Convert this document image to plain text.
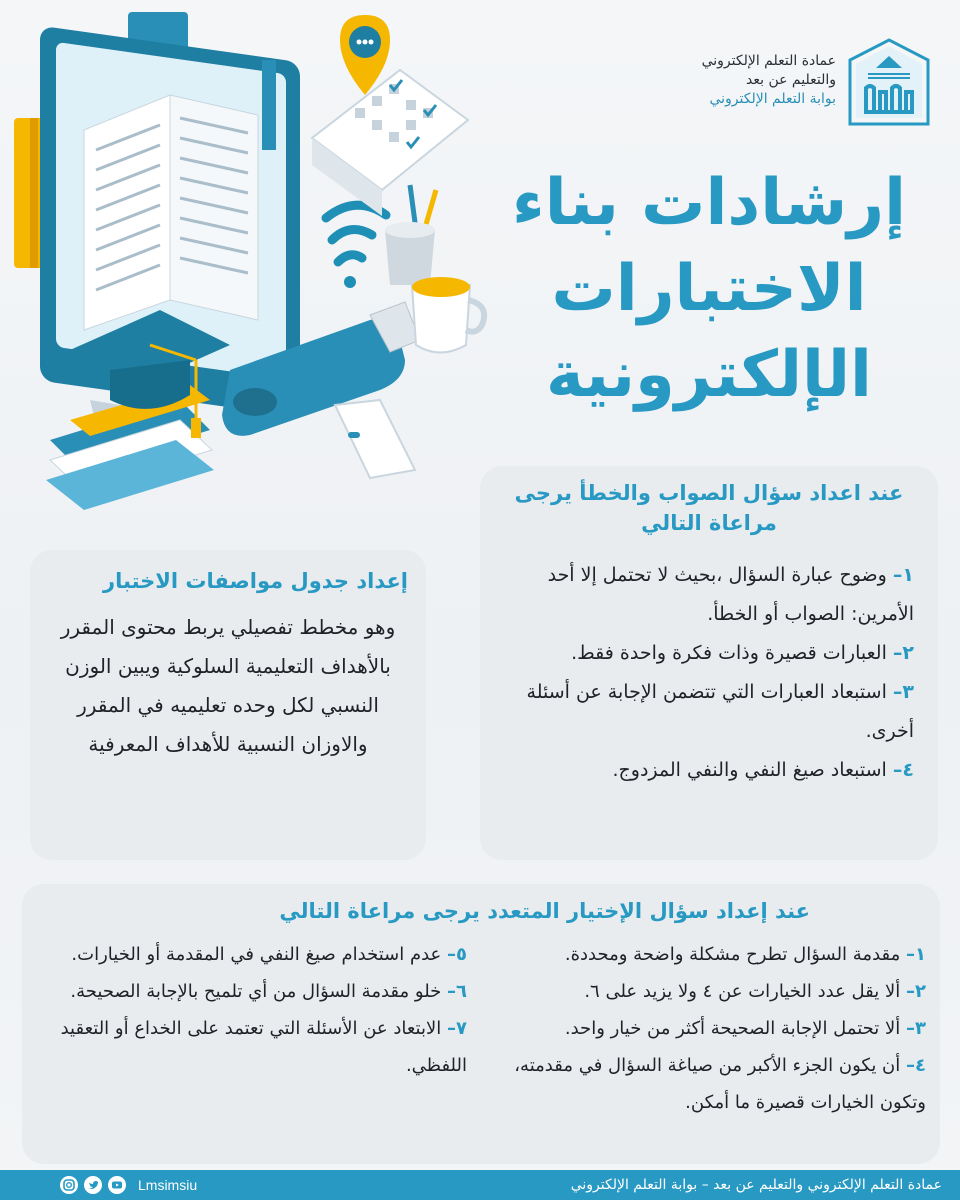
عمادة التعلم الإلكتروني
والتعليم عن بعد
بوابة التعلم الإلكتروني
إرشادات بناء
الاختبارات
الإلكترونية
عند اعداد سؤال الصواب والخطأ يرجى مراعاة التالي
١– وضوح عبارة السؤال ،بحيث لا تحتمل إلا أحد الأمرين: الصواب أو الخطأ.
٢– العبارات قصيرة وذات فكرة واحدة فقط.
٣– استبعاد العبارات التي تتضمن الإجابة عن أسئلة أخرى.
٤– استبعاد صيغ النفي والنفي المزدوج.
إعداد جدول مواصفات الاختبار
وهو مخطط تفصيلي يربط محتوى المقرر بالأهداف التعليمية السلوكية ويبين الوزن النسبي لكل وحده تعليميه في المقرر والاوزان النسبية للأهداف المعرفية
عند إعداد سؤال الإختيار المتعدد يرجى مراعاة التالي
١– مقدمة السؤال تطرح مشكلة واضحة ومحددة.
٢– ألا يقل عدد الخيارات عن ٤ ولا يزيد على ٦.
٣– ألا تحتمل الإجابة الصحيحة أكثر من خيار واحد.
٤– أن يكون الجزء الأكبر من صياغة السؤال في مقدمته، وتكون الخيارات قصيرة ما أمكن.
٥– عدم استخدام صيغ النفي في المقدمة أو الخيارات.
٦– خلو مقدمة السؤال من أي تلميح بالإجابة الصحيحة.
٧– الابتعاد عن الأسئلة التي تعتمد على الخداع أو التعقيد اللفظي.
Lmsimsiu	عمادة التعلم الإلكتروني والتعليم عن بعد – بوابة التعلم الإلكتروني
